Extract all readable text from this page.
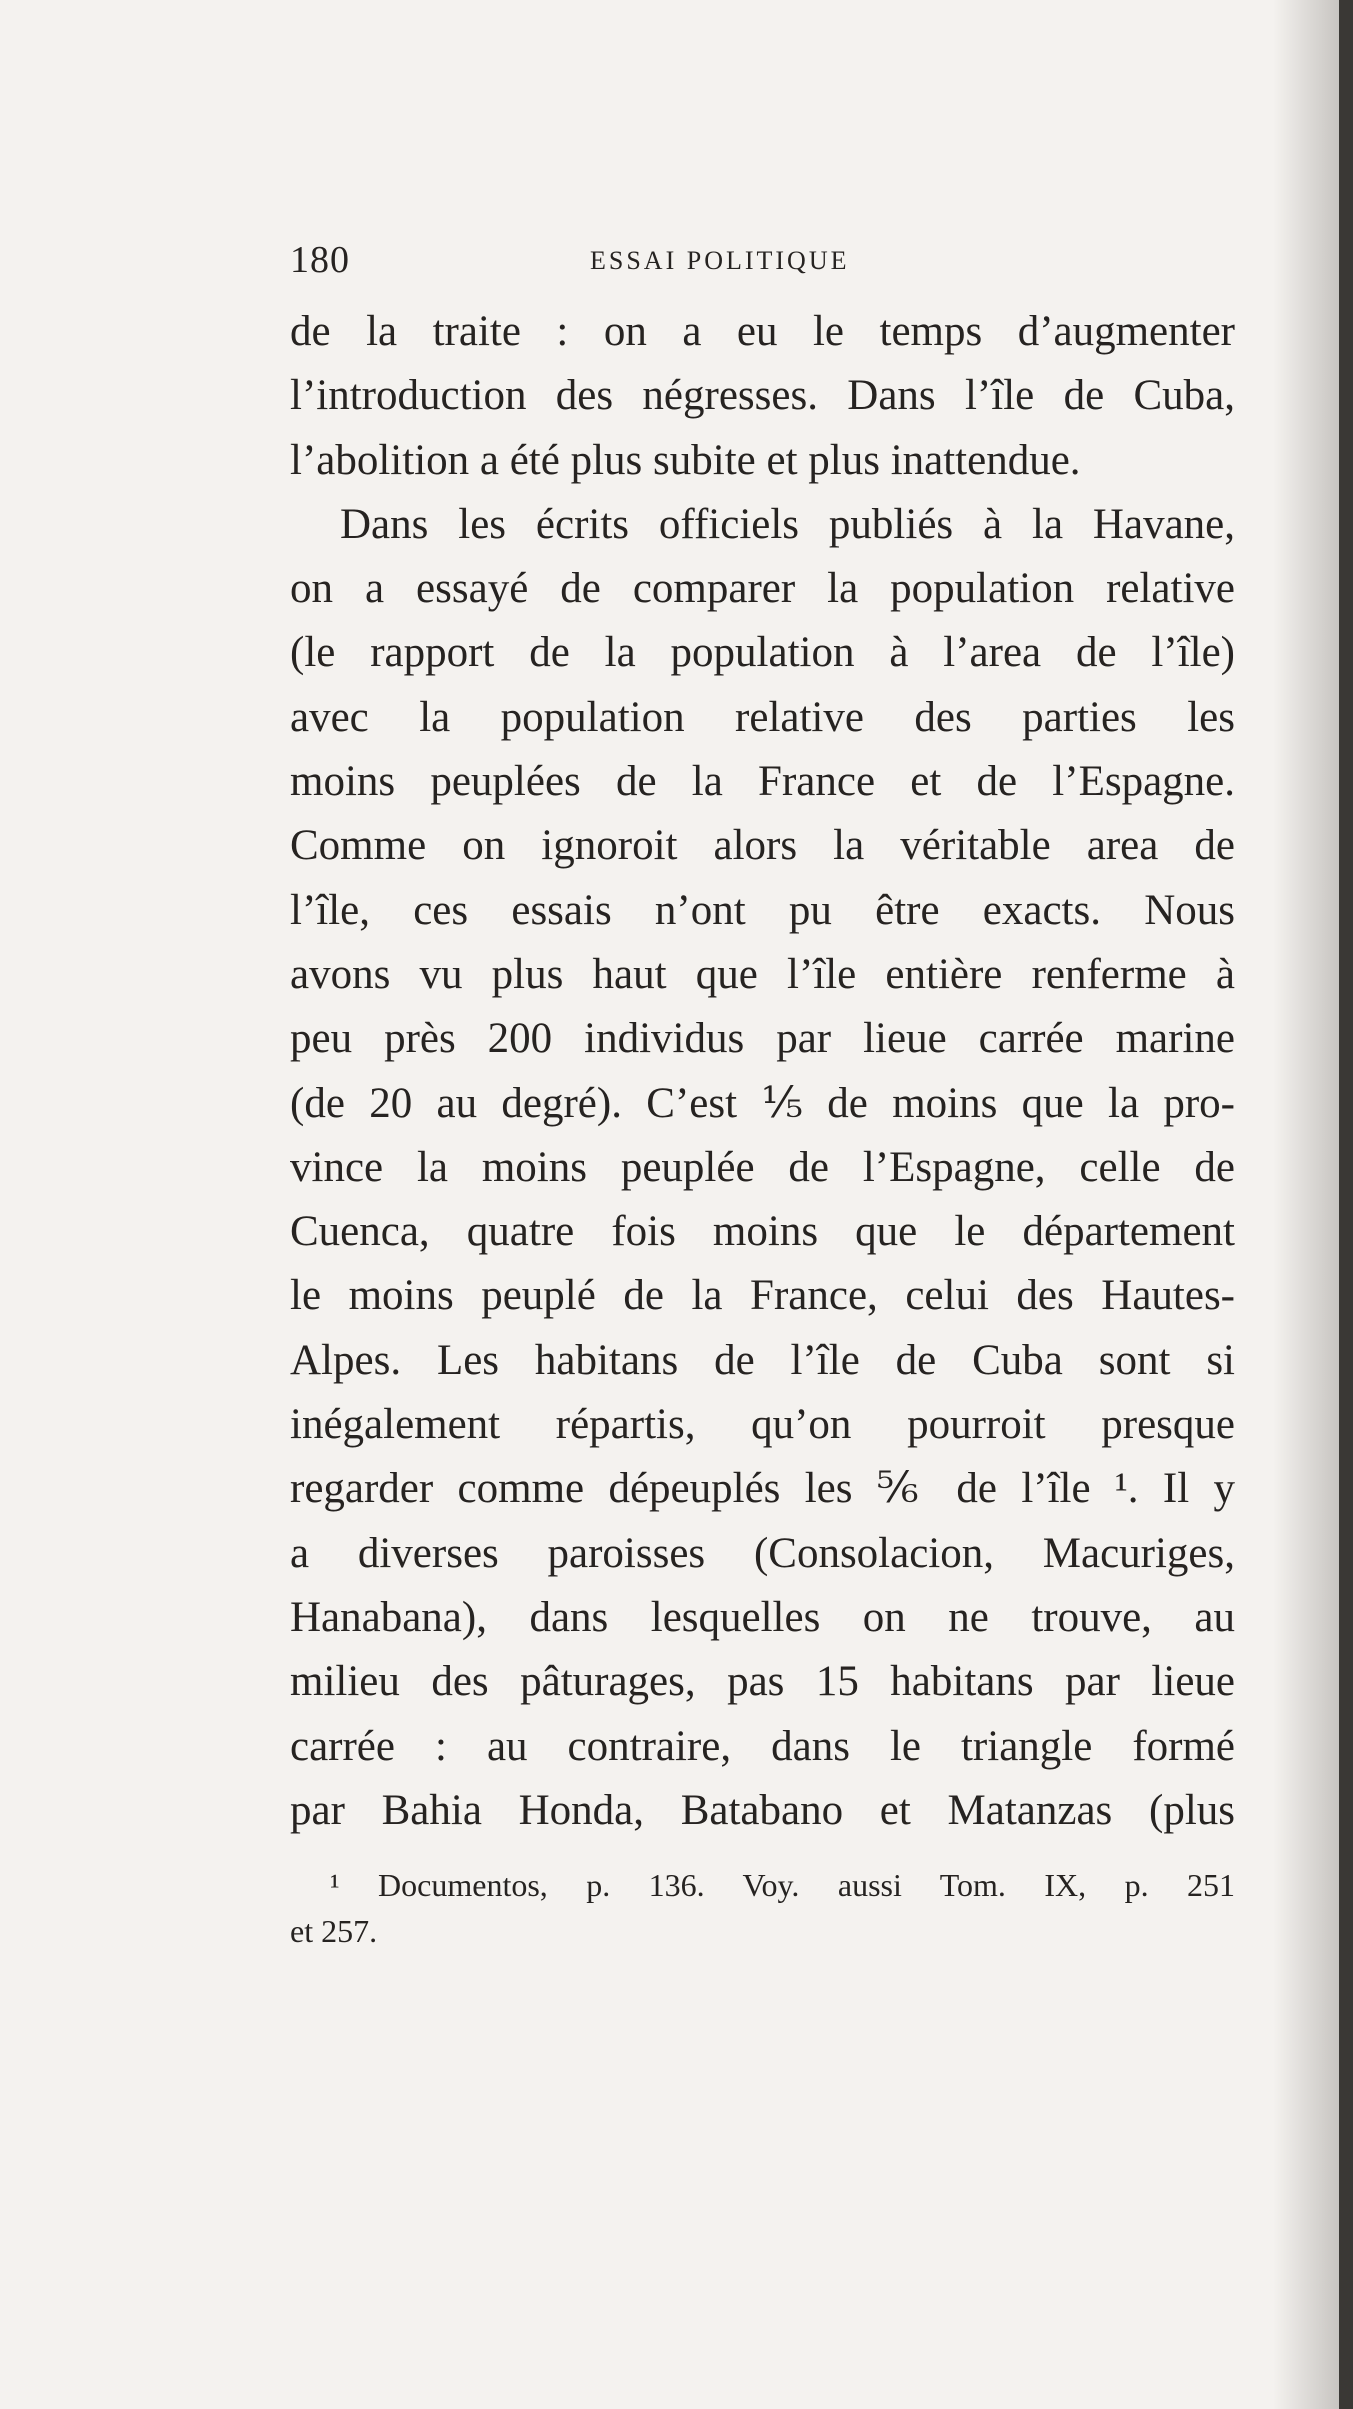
180	ESSAI POLITIQUE
de la traite : on a eu le temps d’augmenter
l’introduction des négresses. Dans l’île de Cuba,
l’abolition a été plus subite et plus inattendue.
Dans les écrits officiels publiés à la Havane,
on a essayé de comparer la population relative
(le rapport de la population à l’area de l’île)
avec la population relative des parties les
moins peuplées de la France et de l’Espagne.
Comme on ignoroit alors la véritable area de
l’île, ces essais n’ont pu être exacts. Nous
avons vu plus haut que l’île entière renferme à
peu près 200 individus par lieue carrée marine
(de 20 au degré). C’est ⅕ de moins que la pro-
vince la moins peuplée de l’Espagne, celle de
Cuenca, quatre fois moins que le département
le moins peuplé de la France, celui des Hautes-
Alpes. Les habitans de l’île de Cuba sont si
inégalement répartis, qu’on pourroit presque
regarder comme dépeuplés les ⅚ de l’île ¹. Il y
a diverses paroisses (Consolacion, Macuriges,
Hanabana), dans lesquelles on ne trouve, au
milieu des pâturages, pas 15 habitans par lieue
carrée : au contraire, dans le triangle formé
par Bahia Honda, Batabano et Matanzas (plus
¹ Documentos, p. 136. Voy. aussi Tom. IX, p. 251
et 257.
